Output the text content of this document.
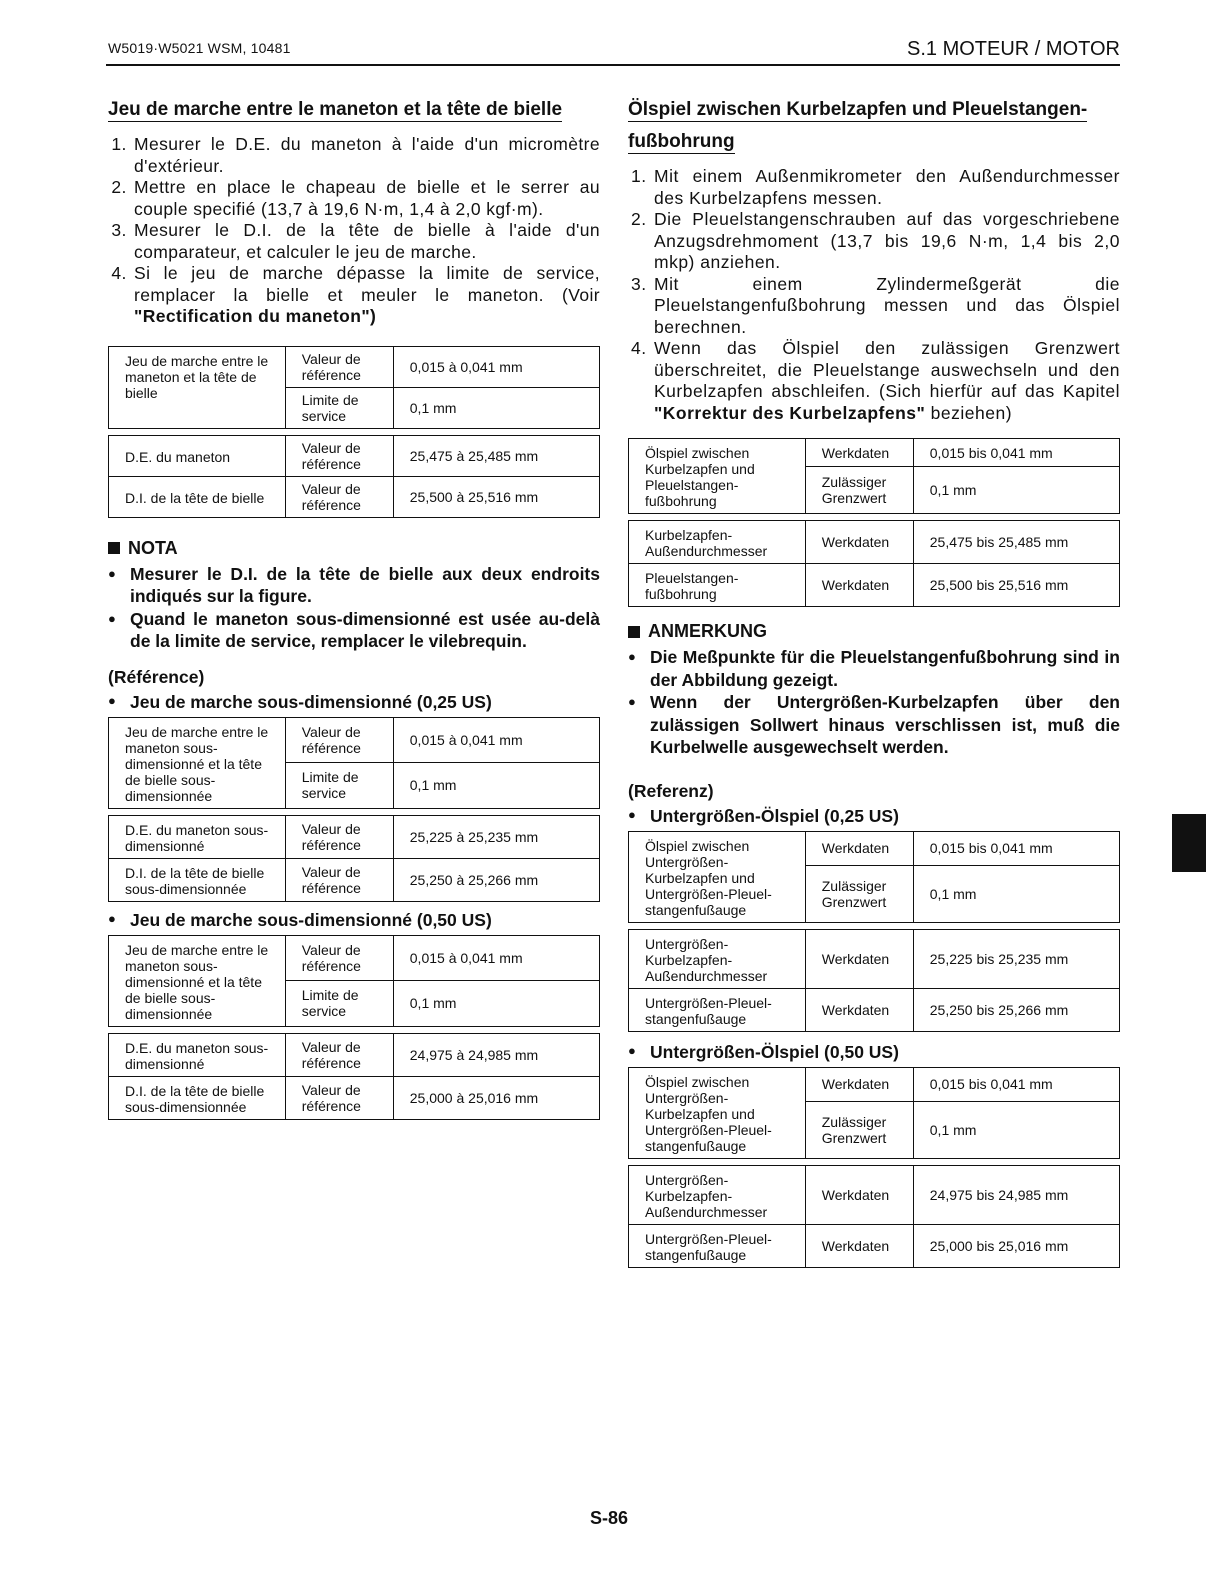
W5019·W5021 WSM, 10481	S.1 MOTEUR / MOTOR
Jeu de marche entre le maneton et la tête de bielle
1. Mesurer le D.E. du maneton à l'aide d'un micromètre d'extérieur.
2. Mettre en place le chapeau de bielle et le serrer au couple specifié (13,7 à 19,6 N·m, 1,4 à 2,0 kgf·m).
3. Mesurer le D.I. de la tête de bielle à l'aide d'un comparateur, et calculer le jeu de marche.
4. Si le jeu de marche dépasse la limite de service, remplacer la bielle et meuler le maneton. (Voir "Rectification du maneton")
Jeu de marche entre le maneton et la tête de bielle	Valeur de référence	0,015 à 0,041 mm
	Limite de service	0,1 mm
D.E. du maneton	Valeur de référence	25,475 à 25,485 mm
D.I. de la tête de bielle	Valeur de référence	25,500 à 25,516 mm
NOTA
● Mesurer le D.I. de la tête de bielle aux deux endroits indiqués sur la figure.
● Quand le maneton sous-dimensionné est usée au-delà de la limite de service, remplacer le vilebrequin.
(Référence)
● Jeu de marche sous-dimensionné (0,25 US)
Jeu de marche entre le maneton sous-dimensionné et la tête de bielle sous-dimensionnée	Valeur de référence	0,015 à 0,041 mm
	Limite de service	0,1 mm
D.E. du maneton sous-dimensionné	Valeur de référence	25,225 à 25,235 mm
D.I. de la tête de bielle sous-dimensionnée	Valeur de référence	25,250 à 25,266 mm
● Jeu de marche sous-dimensionné (0,50 US)
Jeu de marche entre le maneton sous-dimensionné et la tête de bielle sous-dimensionnée	Valeur de référence	0,015 à 0,041 mm
	Limite de service	0,1 mm
D.E. du maneton sous-dimensionné	Valeur de référence	24,975 à 24,985 mm
D.I. de la tête de bielle sous-dimensionnée	Valeur de référence	25,000 à 25,016 mm
Ölspiel zwischen Kurbelzapfen und Pleuelstangen-fußbohrung
1. Mit einem Außenmikrometer den Außendurchmesser des Kurbelzapfens messen.
2. Die Pleuelstangenschrauben auf das vorgeschriebene Anzugsdrehmoment (13,7 bis 19,6 N·m, 1,4 bis 2,0 mkp) anziehen.
3. Mit einem Zylindermeßgerät die Pleuelstangenfußbohrung messen und das Ölspiel berechnen.
4. Wenn das Ölspiel den zulässigen Grenzwert überschreitet, die Pleuelstange auswechseln und den Kurbelzapfen abschleifen. (Sich hierfür auf das Kapitel "Korrektur des Kurbelzapfens" beziehen)
Ölspiel zwischen Kurbelzapfen und Pleuelstangen-fußbohrung	Werkdaten	0,015 bis 0,041 mm
	Zulässiger Grenzwert	0,1 mm
Kurbelzapfen-Außendurchmesser	Werkdaten	25,475 bis 25,485 mm
Pleuelstangen-fußbohrung	Werkdaten	25,500 bis 25,516 mm
ANMERKUNG
● Die Meßpunkte für die Pleuelstangenfußbohrung sind in der Abbildung gezeigt.
● Wenn der Untergrößen-Kurbelzapfen über den zulässigen Sollwert hinaus verschlissen ist, muß die Kurbelwelle ausgewechselt werden.
(Referenz)
● Untergrößen-Ölspiel (0,25 US)
Ölspiel zwischen Untergrößen-Kurbelzapfen und Untergrößen-Pleuel-stangenfußauge	Werkdaten	0,015 bis 0,041 mm
	Zulässiger Grenzwert	0,1 mm
Untergrößen-Kurbelzapfen-Außendurchmesser	Werkdaten	25,225 bis 25,235 mm
Untergrößen-Pleuel-stangenfußauge	Werkdaten	25,250 bis 25,266 mm
● Untergrößen-Ölspiel (0,50 US)
Ölspiel zwischen Untergrößen-Kurbelzapfen und Untergrößen-Pleuel-stangenfußauge	Werkdaten	0,015 bis 0,041 mm
	Zulässiger Grenzwert	0,1 mm
Untergrößen-Kurbelzapfen-Außendurchmesser	Werkdaten	24,975 bis 24,985 mm
Untergrößen-Pleuel-stangenfußauge	Werkdaten	25,000 bis 25,016 mm
S-86
